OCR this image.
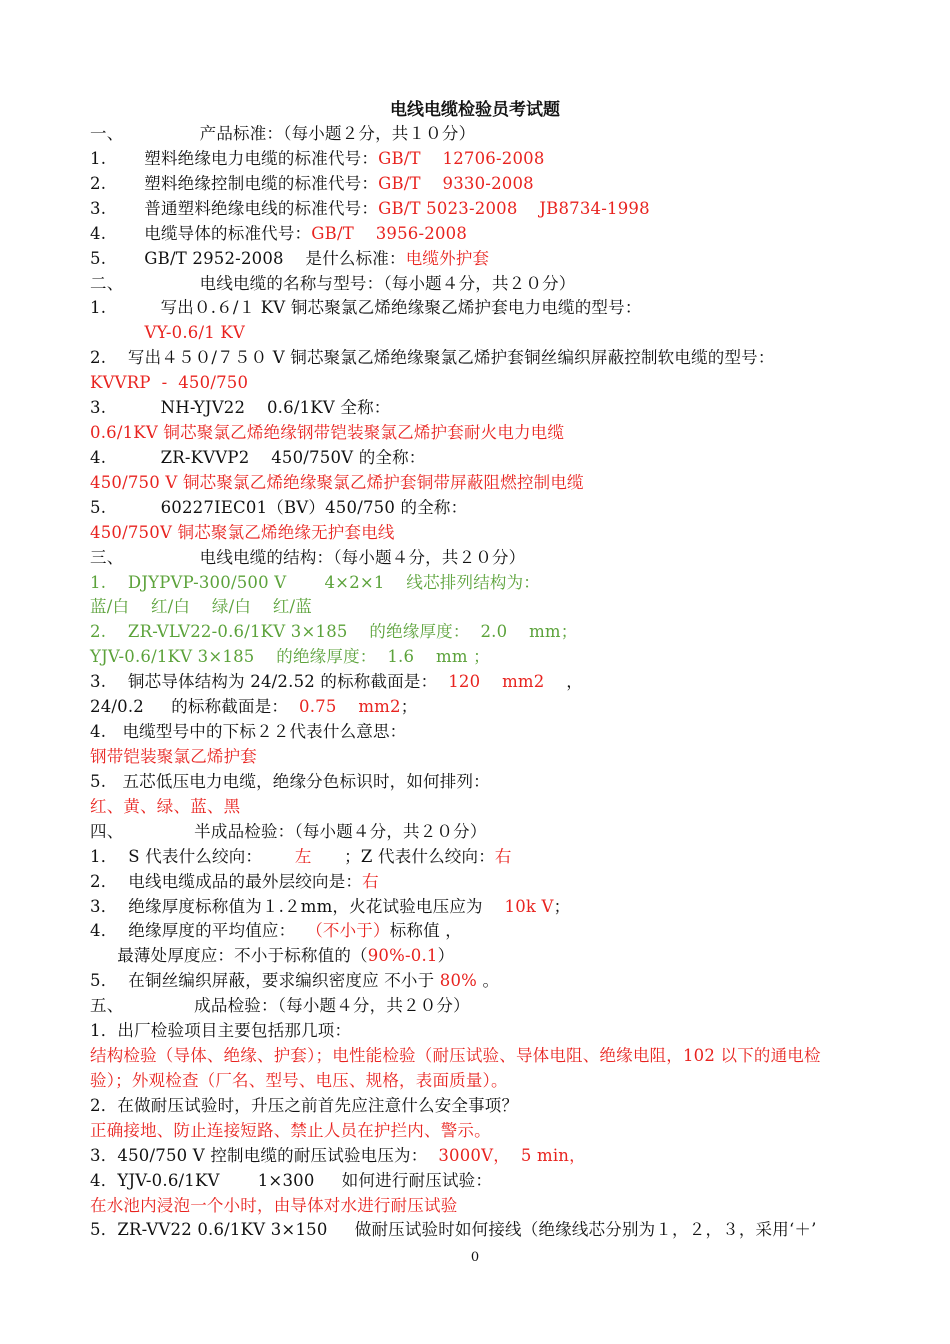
电线电缆检验员考试题
一、              产品标准：（每小题２分，共１０分）
1.       塑料绝缘电力电缆的标准代号：GB/T    12706-2008
2.       塑料绝缘控制电缆的标准代号：GB/T    9330-2008
3.       普通塑料绝缘电线的标准代号：GB/T 5023-2008    JB8734-1998
4.       电缆导体的标准代号：GB/T    3956-2008
5.       GB/T 2952-2008    是什么标准：电缆外护套
二、              电线电缆的名称与型号：（每小题４分，共２０分）
1.          写出０.６/１ KV 铜芯聚氯乙烯绝缘聚乙烯护套电力电缆的型号：
VY-0.6/1 KV
2.    写出４５０/７５０ V 铜芯聚氯乙烯绝缘聚氯乙烯护套铜丝编织屏蔽控制软电缆的型号：
KVVRP  -  450/750
3.          NH-YJV22    0.6/1KV 全称：
0.6/1KV 铜芯聚氯乙烯绝缘钢带铠装聚氯乙烯护套耐火电力电缆
4.          ZR-KVVP2    450/750V 的全称：
450/750 V 铜芯聚氯乙烯绝缘聚氯乙烯护套铜带屏蔽阻燃控制电缆
5.          60227IEC01（BV）450/750 的全称：
450/750V 铜芯聚氯乙烯绝缘无护套电线
三、              电线电缆的结构：（每小题４分，共２０分）
1.    DJYPVP-300/500 V       4×2×1    线芯排列结构为：
蓝/白    红/白    绿/白    红/蓝
2.    ZR-VLV22-0.6/1KV 3×185    的绝缘厚度：  2.0    mm；
YJV-0.6/1KV 3×185    的绝缘厚度：  1.6    mm ；
3.    铜芯导体结构为 24/2.52 的标称截面是：  120    mm2    ，
24/0.2     的标称截面是：  0.75    mm2；
4.   电缆型号中的下标２２代表什么意思：
钢带铠装聚氯乙烯护套
5.   五芯低压电力电缆，绝缘分色标识时，如何排列：
红、黄、绿、蓝、黑
四、             半成品检验：（每小题４分，共２０分）
1．  S 代表什么绞向：      左      ；Z 代表什么绞向：右
2．  电线电缆成品的最外层绞向是：右
3．  绝缘厚度标称值为１.２mm，火花试验电压应为    10k V；
4．  绝缘厚度的平均值应：  （不小于）标称值 ，
最薄处厚度应：不小于标称值的（90%-0.1）
5．  在铜丝编织屏蔽，要求编织密度应 不小于 80% 。
五、             成品检验：（每小题４分，共２０分）
1．出厂检验项目主要包括那几项：
结构检验（导体、绝缘、护套）；电性能检验（耐压试验、导体电阻、绝缘电阻，102 以下的通电检
验）；外观检查（厂名、型号、电压、规格，表面质量）。
2．在做耐压试验时，升压之前首先应注意什么安全事项？
正确接地、防止连接短路、禁止人员在护拦内、警示。
3．450/750 V 控制电缆的耐压试验电压为：  3000V，  5 min，
4．YJV-0.6/1KV       1×300     如何进行耐压试验：
在水池内浸泡一个小时，由导体对水进行耐压试验
5．ZR-VV22 0.6/1KV 3×150     做耐压试验时如何接线（绝缘线芯分别为１，２，３，采用‘＋’
0
